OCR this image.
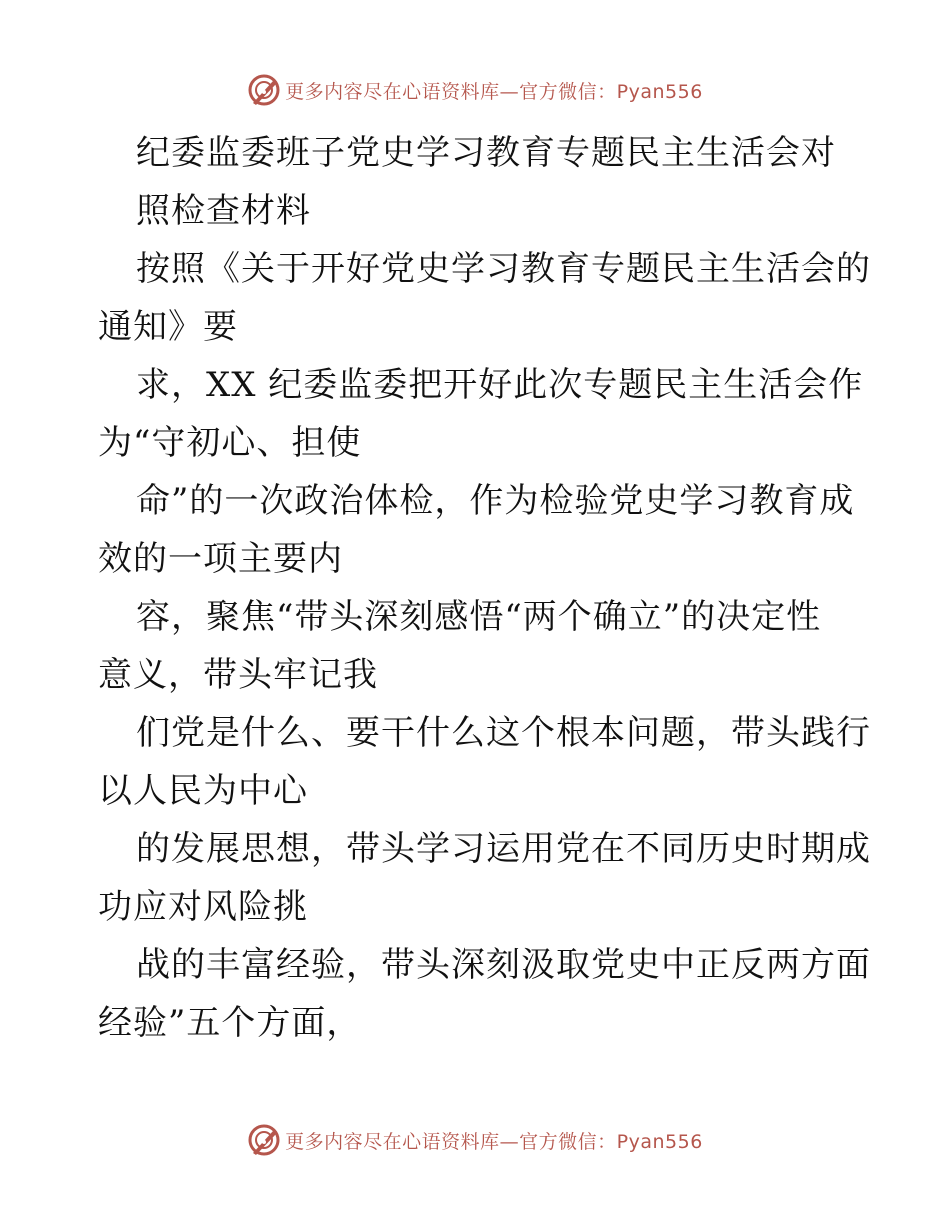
更多内容尽在心语资料库—官方微信：Pyan556
纪委监委班子党史学习教育专题民主生活会对
照检查材料
按照《关于开好党史学习教育专题民主生活会的
通知》要
求，XX 纪委监委把开好此次专题民主生活会作
为“守初心、担使
命”的一次政治体检，作为检验党史学习教育成
效的一项主要内
容，聚焦“带头深刻感悟“两个确立”的决定性
意义，带头牢记我
们党是什么、要干什么这个根本问题，带头践行
以人民为中心
的发展思想，带头学习运用党在不同历史时期成
功应对风险挑
战的丰富经验，带头深刻汲取党史中正反两方面
经验”五个方面，
更多内容尽在心语资料库—官方微信：Pyan556
